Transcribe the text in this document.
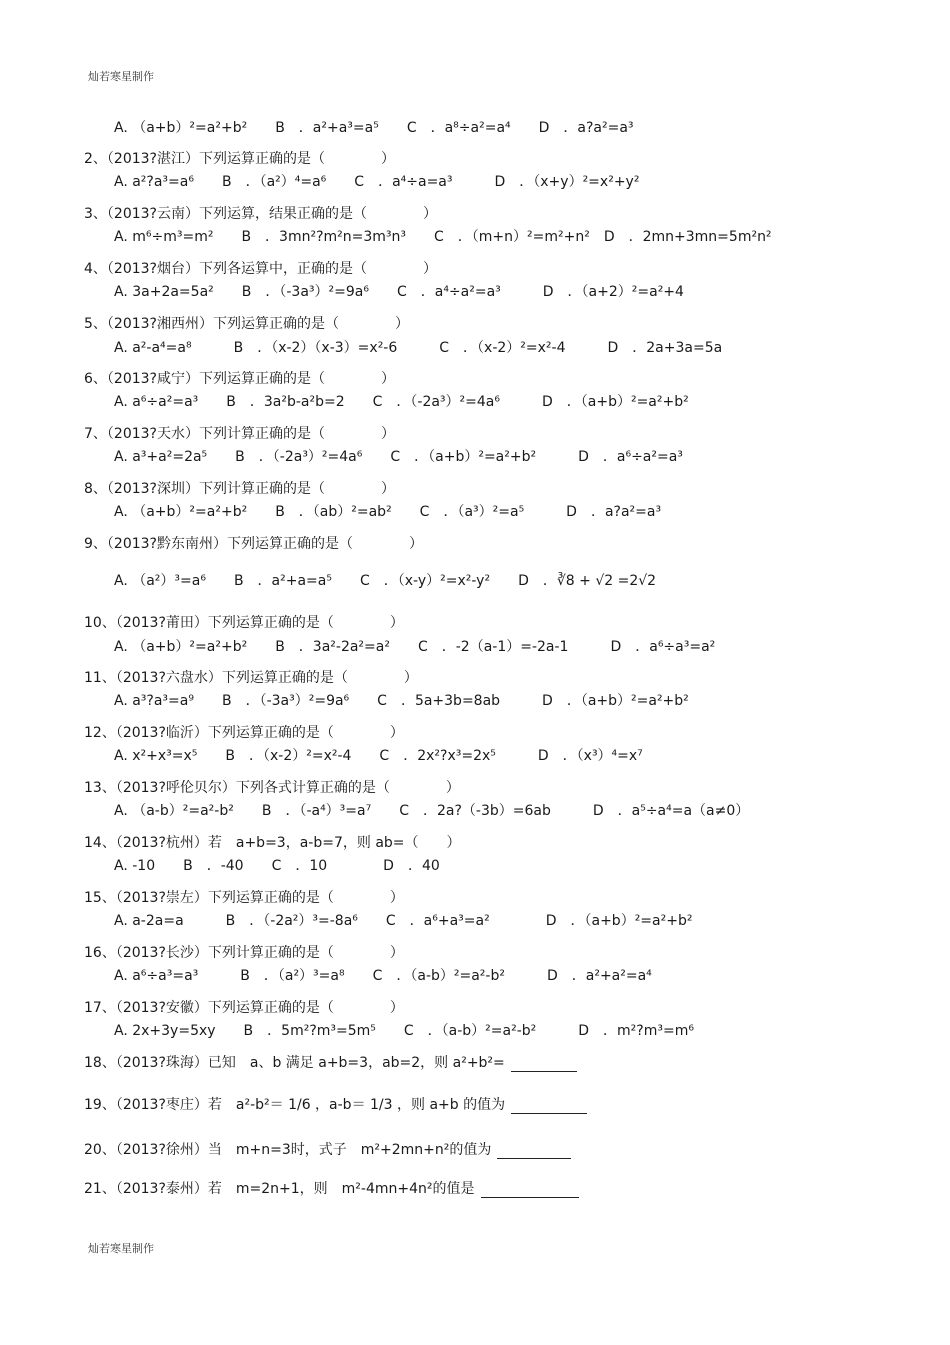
灿若寒星制作
A. （a+b）²=a²+b²　　B　．a²+a³=a⁵　　C　．a⁸÷a²=a⁴　　D　．a?a²=a³
2、（2013?湛江）下列运算正确的是（　　　　）
A. a²?a³=a⁶　　B　．（a²）⁴=a⁶　　C　．a⁴÷a=a³　　　D　．（x+y）²=x²+y²
3、（2013?云南）下列运算，结果正确的是（　　　　）
A. m⁶÷m³=m²　　B　．3mn²?m²n=3m³n³　　C　．（m+n）²=m²+n²　D　．2mn+3mn=5m²n²
4、（2013?烟台）下列各运算中，正确的是（　　　　）
A. 3a+2a=5a²　　B　．（-3a³）²=9a⁶　　C　．a⁴÷a²=a³　　　D　．（a+2）²=a²+4
5、（2013?湘西州）下列运算正确的是（　　　　）
A. a²-a⁴=a⁸　　　B　．（x-2）（x-3）=x²-6　　　C　．（x-2）²=x²-4　　　D　．2a+3a=5a
6、（2013?咸宁）下列运算正确的是（　　　　）
A. a⁶÷a²=a³　　B　．3a²b-a²b=2　　C　．（-2a³）²=4a⁶　　　D　．（a+b）²=a²+b²
7、（2013?天水）下列计算正确的是（　　　　）
A. a³+a²=2a⁵　　B　．（-2a³）²=4a⁶　　C　．（a+b）²=a²+b²　　　D　．a⁶÷a²=a³
8、（2013?深圳）下列计算正确的是（　　　　）
A. （a+b）²=a²+b²　　B　．（ab）²=ab²　　C　．（a³）²=a⁵　　　D　．a?a²=a³
9、（2013?黔东南州）下列运算正确的是（　　　　）
A. （a²）³=a⁶　　B　．a²+a=a⁵　　C　．（x-y）²=x²-y²　　D　．∛8 + √2 =2√2
10、（2013?莆田）下列运算正确的是（　　　　）
A. （a+b）²=a²+b²　　B　．3a²-2a²=a²　　C　．-2（a-1）=-2a-1　　　D　．a⁶÷a³=a²
11、（2013?六盘水）下列运算正确的是（　　　　）
A. a³?a³=a⁹　　B　．（-3a³）²=9a⁶　　C　．5a+3b=8ab　　　D　．（a+b）²=a²+b²
12、（2013?临沂）下列运算正确的是（　　　　）
A. x²+x³=x⁵　　B　．（x-2）²=x²-4　　C　．2x²?x³=2x⁵　　　D　．（x³）⁴=x⁷
13、（2013?呼伦贝尔）下列各式计算正确的是（　　　　）
A. （a-b）²=a²-b²　　B　．（-a⁴）³=a⁷　　C　．2a?（-3b）=6ab　　　D　．a⁵÷a⁴=a（a≠0）
14、（2013?杭州）若　a+b=3，a-b=7，则 ab=（　　）
A. -10　　B　．-40　　C　．10　　　　D　．40
15、（2013?崇左）下列运算正确的是（　　　　）
A. a-2a=a　　　B　．（-2a²）³=-8a⁶　　C　．a⁶+a³=a²　　　　D　．（a+b）²=a²+b²
16、（2013?长沙）下列计算正确的是（　　　　）
A. a⁶÷a³=a³　　　B　．（a²）³=a⁸　　C　．（a-b）²=a²-b²　　　D　．a²+a²=a⁴
17、（2013?安徽）下列运算正确的是（　　　　）
A. 2x+3y=5xy　　B　．5m²?m³=5m⁵　　C　．（a-b）²=a²-b²　　　D　．m²?m³=m⁶
18、（2013?珠海）已知　a、b 满足 a+b=3，ab=2，则 a²+b²=
19、（2013?枣庄）若　a²-b²＝ 1/6 ，a-b＝ 1/3 ，则 a+b 的值为
20、（2013?徐州）当　m+n=3时，式子　m²+2mn+n²的值为
21、（2013?泰州）若　m=2n+1，则　m²-4mn+4n²的值是
灿若寒星制作
